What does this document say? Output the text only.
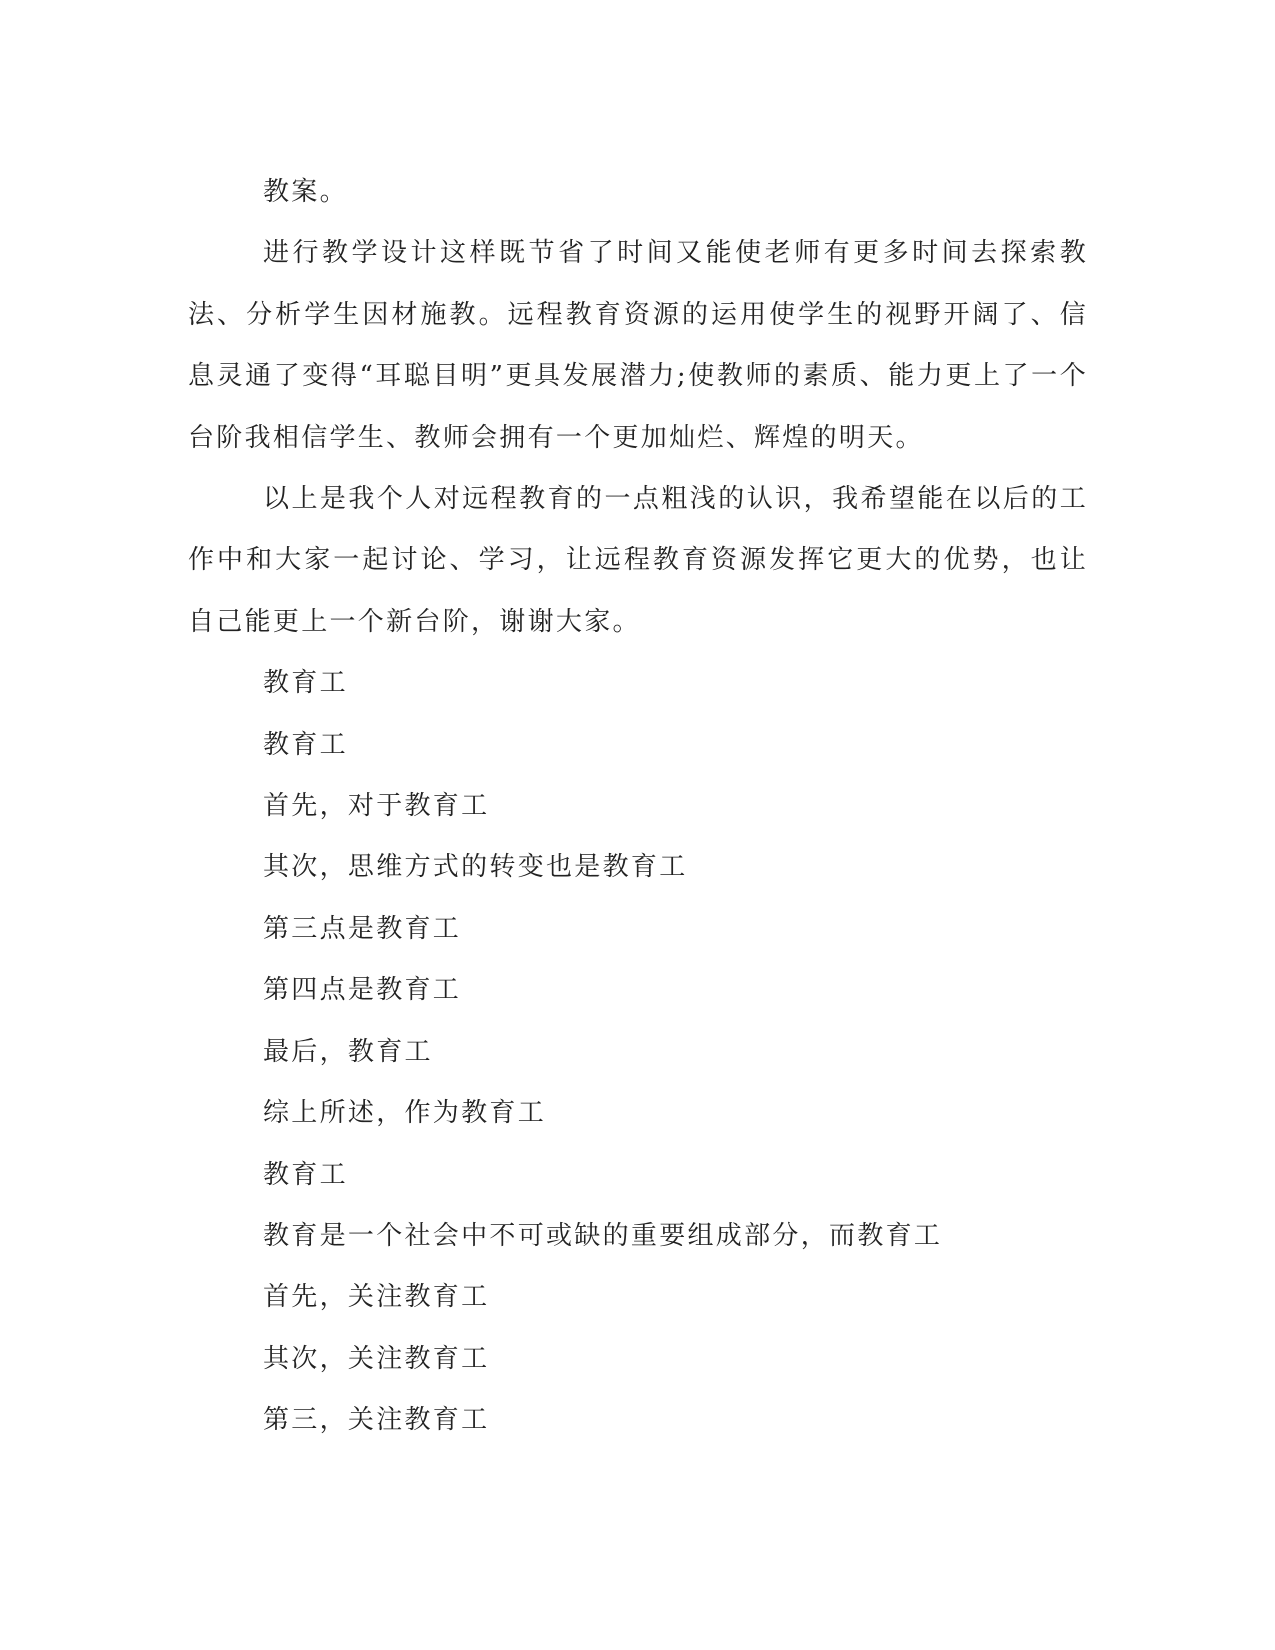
教案。

进行教学设计这样既节省了时间又能使老师有更多时间去探索教法、分析学生因材施教。远程教育资源的运用使学生的视野开阔了、信息灵通了变得“耳聪目明”更具发展潜力;使教师的素质、能力更上了一个台阶我相信学生、教师会拥有一个更加灿烂、辉煌的明天。

以上是我个人对远程教育的一点粗浅的认识，我希望能在以后的工作中和大家一起讨论、学习，让远程教育资源发挥它更大的优势，也让自己能更上一个新台阶，谢谢大家。

教育工

教育工

首先，对于教育工

其次，思维方式的转变也是教育工

第三点是教育工

第四点是教育工

最后，教育工

综上所述，作为教育工

教育工

教育是一个社会中不可或缺的重要组成部分，而教育工

首先，关注教育工

其次，关注教育工

第三，关注教育工
